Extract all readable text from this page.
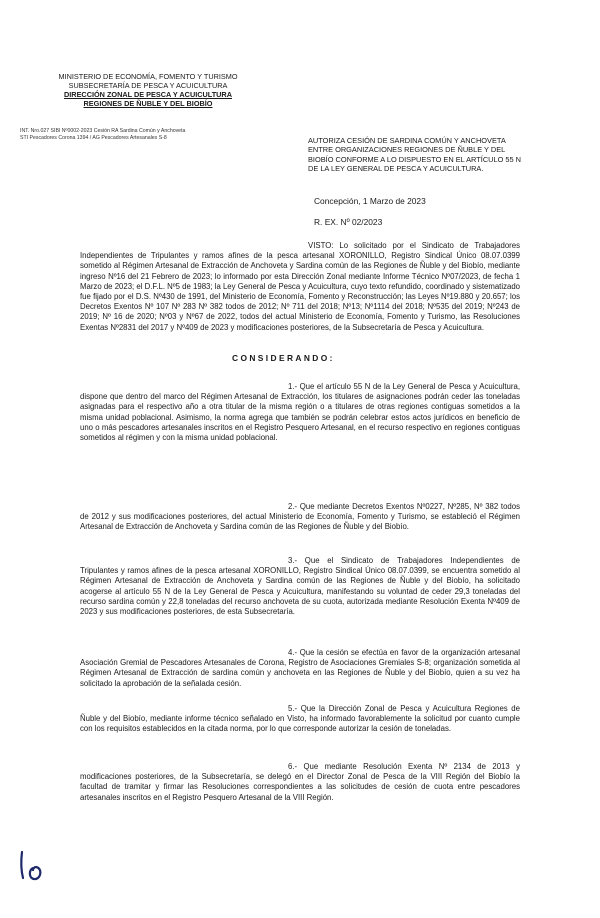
MINISTERIO DE ECONOMÍA, FOMENTO Y TURISMO
SUBSECRETARÍA DE PESCA Y ACUICULTURA
DIRECCIÓN ZONAL DE PESCA Y ACUICULTURA
REGIONES DE ÑUBLE Y DEL BIOBÍO
INT. Nro.027 SIBI Nº0002-2023 Cesión RA Sardina Común y Anchoveta
STI Pescadores Corona 1394 / AG Pescadores Artesanales S-8	AUTORIZA CESIÓN DE SARDINA COMÚN Y ANCHOVETA ENTRE ORGANIZACIONES REGIONES DE ÑUBLE Y DEL BIOBÍO CONFORME A LO DISPUESTO EN EL ARTÍCULO 55 N DE LA LEY GENERAL DE PESCA Y ACUICULTURA.
Concepción, 1 Marzo de 2023
R. EX. Nº 02/2023
VISTO: Lo solicitado por el Sindicato de Trabajadores Independientes de Tripulantes y ramos afines de la pesca artesanal XORONILLO, Registro Sindical Único 08.07.0399 sometido al Régimen Artesanal de Extracción de Anchoveta y Sardina común de las Regiones de Ñuble y del Biobío, mediante ingreso Nº16 del 21 Febrero de 2023; lo informado por esta Dirección Zonal mediante Informe Técnico Nº07/2023, de fecha 1 Marzo de 2023; el D.F.L. Nº5 de 1983; la Ley General de Pesca y Acuicultura, cuyo texto refundido, coordinado y sistematizado fue fijado por el D.S. Nº430 de 1991, del Ministerio de Economía, Fomento y Reconstrucción; las Leyes Nº19.880 y 20.657; los Decretos Exentos Nº 107 Nº 283 Nº 382 todos de 2012; Nº 711 del 2018; Nº13; Nº1114 del 2018; Nº535 del 2019; Nº243 de 2019; Nº 16 de 2020; Nº03 y Nº67 de 2022, todos del actual Ministerio de Economía, Fomento y Turismo, las Resoluciones Exentas Nº2831 del 2017 y Nº409 de 2023 y modificaciones posteriores, de la Subsecretaría de Pesca y Acuicultura.
CONSIDERANDO:
1.- Que el artículo 55 N de la Ley General de Pesca y Acuicultura, dispone que dentro del marco del Régimen Artesanal de Extracción, los titulares de asignaciones podrán ceder las toneladas asignadas para el respectivo año a otra titular de la misma región o a titulares de otras regiones contiguas sometidos a la misma unidad poblacional. Asimismo, la norma agrega que también se podrán celebrar estos actos jurídicos en beneficio de uno o más pescadores artesanales inscritos en el Registro Pesquero Artesanal, en el recurso respectivo en regiones contiguas sometidos al régimen y con la misma unidad poblacional.
2.- Que mediante Decretos Exentos Nº0227, Nº285, Nº 382 todos de 2012 y sus modificaciones posteriores, del actual Ministerio de Economía, Fomento y Turismo, se estableció el Régimen Artesanal de Extracción de Anchoveta y Sardina común de las Regiones de Ñuble y del Biobío.
3.- Que el Sindicato de Trabajadores Independientes de Tripulantes y ramos afines de la pesca artesanal XORONILLO, Registro Sindical Único 08.07.0399, se encuentra sometido al Régimen Artesanal de Extracción de Anchoveta y Sardina común de las Regiones de Ñuble y del Biobío, ha solicitado acogerse al artículo 55 N de la Ley General de Pesca y Acuicultura, manifestando su voluntad de ceder 29,3 toneladas del recurso sardina común y 22,8 toneladas del recurso anchoveta de su cuota, autorizada mediante Resolución Exenta Nº409 de 2023 y sus modificaciones posteriores, de esta Subsecretaría.
4.- Que la cesión se efectúa en favor de la organización artesanal Asociación Gremial de Pescadores Artesanales de Corona, Registro de Asociaciones Gremiales S-8; organización sometida al Régimen Artesanal de Extracción de sardina común y anchoveta en las Regiones de Ñuble y del Biobío, quien a su vez ha solicitado la aprobación de la señalada cesión.
5.- Que la Dirección Zonal de Pesca y Acuicultura Regiones de Ñuble y del Biobío, mediante informe técnico señalado en Visto, ha informado favorablemente la solicitud por cuanto cumple con los requisitos establecidos en la citada norma, por lo que corresponde autorizar la cesión de toneladas.
6.- Que mediante Resolución Exenta Nº 2134 de 2013 y modificaciones posteriores, de la Subsecretaría, se delegó en el Director Zonal de Pesca de la VIII Región del Biobío la facultad de tramitar y firmar las Resoluciones correspondientes a las solicitudes de cesión de cuota entre pescadores artesanales inscritos en el Registro Pesquero Artesanal de la VIII Región.
